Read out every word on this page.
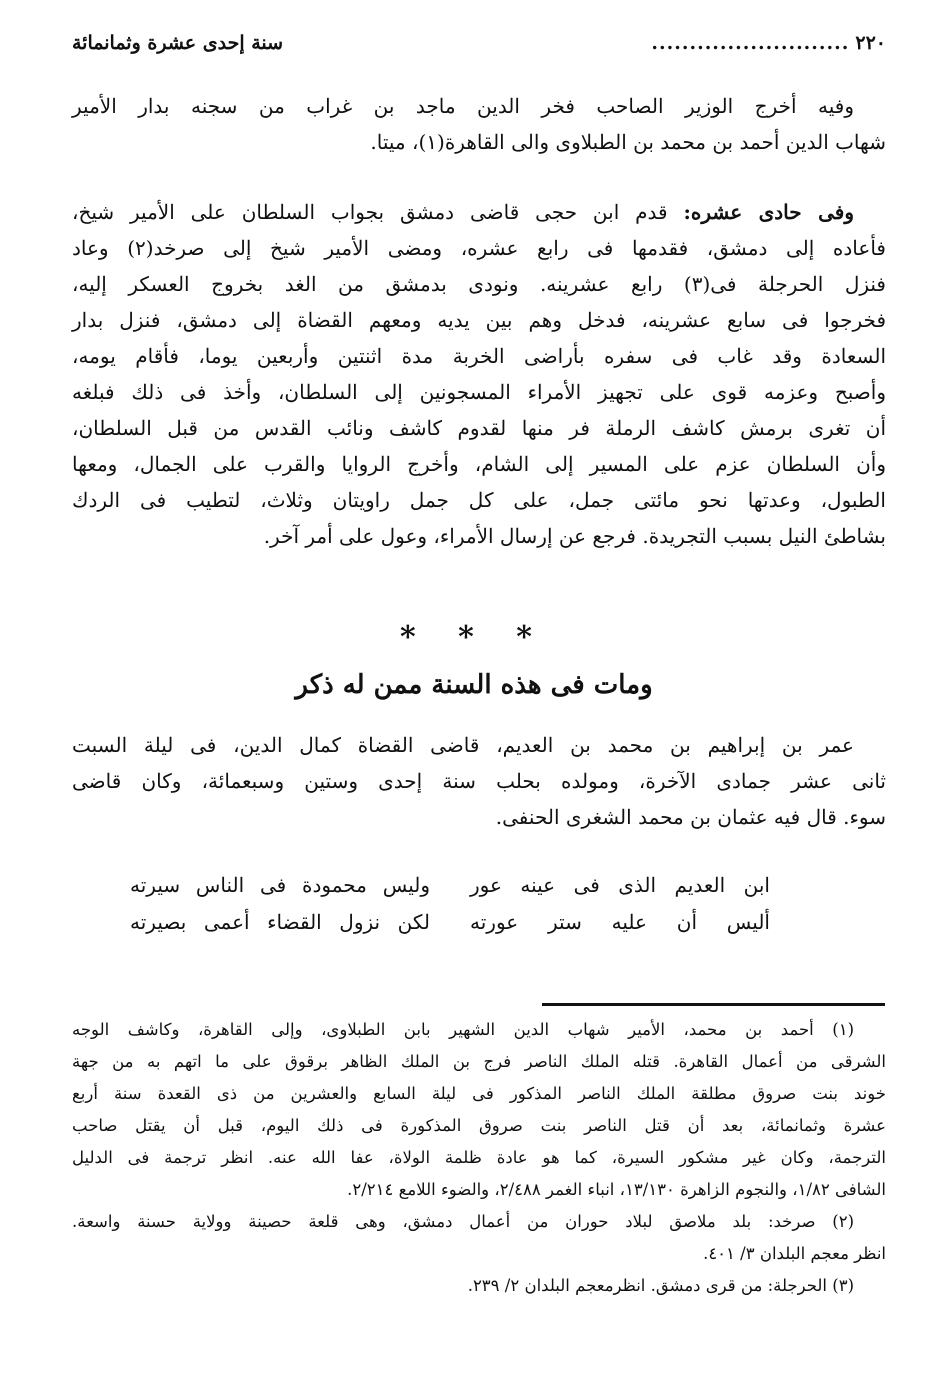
٢٢٠
..........................
سنة إحدى عشرة وثمانمائة
وفيه أخرج الوزير الصاحب فخر الدين ماجد بن غراب من سجنه بدار الأمير
شهاب الدين أحمد بن محمد بن الطبلاوى والى القاهرة(١)، ميتا.
وفى حادى عشره: قدم ابن حجى قاضى دمشق بجواب السلطان على الأمير شيخ،
فأعاده إلى دمشق، فقدمها فى رابع عشره، ومضى الأمير شيخ إلى صرخد(٢) وعاد
فنزل الحرجلة فى(٣) رابع عشرينه. ونودى بدمشق من الغد بخروج العسكر إليه،
فخرجوا فى سابع عشرينه، فدخل وهم بين يديه ومعهم القضاة إلى دمشق، فنزل بدار
السعادة وقد غاب فى سفره بأراضى الخربة مدة اثنتين وأربعين يوما، فأقام يومه،
وأصبح وعزمه قوى على تجهيز الأمراء المسجونين إلى السلطان، وأخذ فى ذلك فبلغه
أن تغرى برمش كاشف الرملة فر منها لقدوم كاشف ونائب القدس من قبل السلطان،
وأن السلطان عزم على المسير إلى الشام، وأخرج الروايا والقرب على الجمال، ومعها
الطبول، وعدتها نحو مائتى جمل، على كل جمل راويتان وثلاث، لتطيب فى الردك
بشاطئ النيل بسبب التجريدة. فرجع عن إرسال الأمراء، وعول على أمر آخر.
* * *
ومات فى هذه السنة ممن له ذكر
عمر بن إبراهيم بن محمد بن العديم، قاضى القضاة كمال الدين، فى ليلة السبت
ثانى عشر جمادى الآخرة، ومولده بحلب سنة إحدى وستين وسبعمائة، وكان قاضى
سوء. قال فيه عثمان بن محمد الشغرى الحنفى.
ابن العديم الذى فى عينه عور
وليس محمودة فى الناس سيرته
أليس أن عليه ستر عورته
لكن نزول القضاء أعمى بصيرته
(١) أحمد بن محمد، الأمير شهاب الدين الشهير بابن الطبلاوى، وإلى القاهرة، وكاشف الوجه
الشرقى من أعمال القاهرة. قتله الملك الناصر فرج بن الملك الظاهر برقوق على ما اتهم به من جهة
خوند بنت صروق مطلقة الملك الناصر المذكور فى ليلة السابع والعشرين من ذى القعدة سنة أربع
عشرة وثمانمائة، بعد أن قتل الناصر بنت صروق المذكورة فى ذلك اليوم، قبل أن يقتل صاحب
الترجمة، وكان غير مشكور السيرة، كما هو عادة ظلمة الولاة، عفا الله عنه. انظر ترجمة فى الدليل
الشافى ١/٨٢، والنجوم الزاهرة ١٣/١٣٠، انباء الغمر ٢/٤٨٨، والضوء اللامع ٢/٢١٤.
(٢) صرخد: بلد ملاصق لبلاد حوران من أعمال دمشق، وهى قلعة حصينة وولاية حسنة واسعة.
انظر معجم البلدان ٣/ ٤٠١.
(٣) الحرجلة: من قرى دمشق. انظرمعجم البلدان ٢/ ٢٣٩.
